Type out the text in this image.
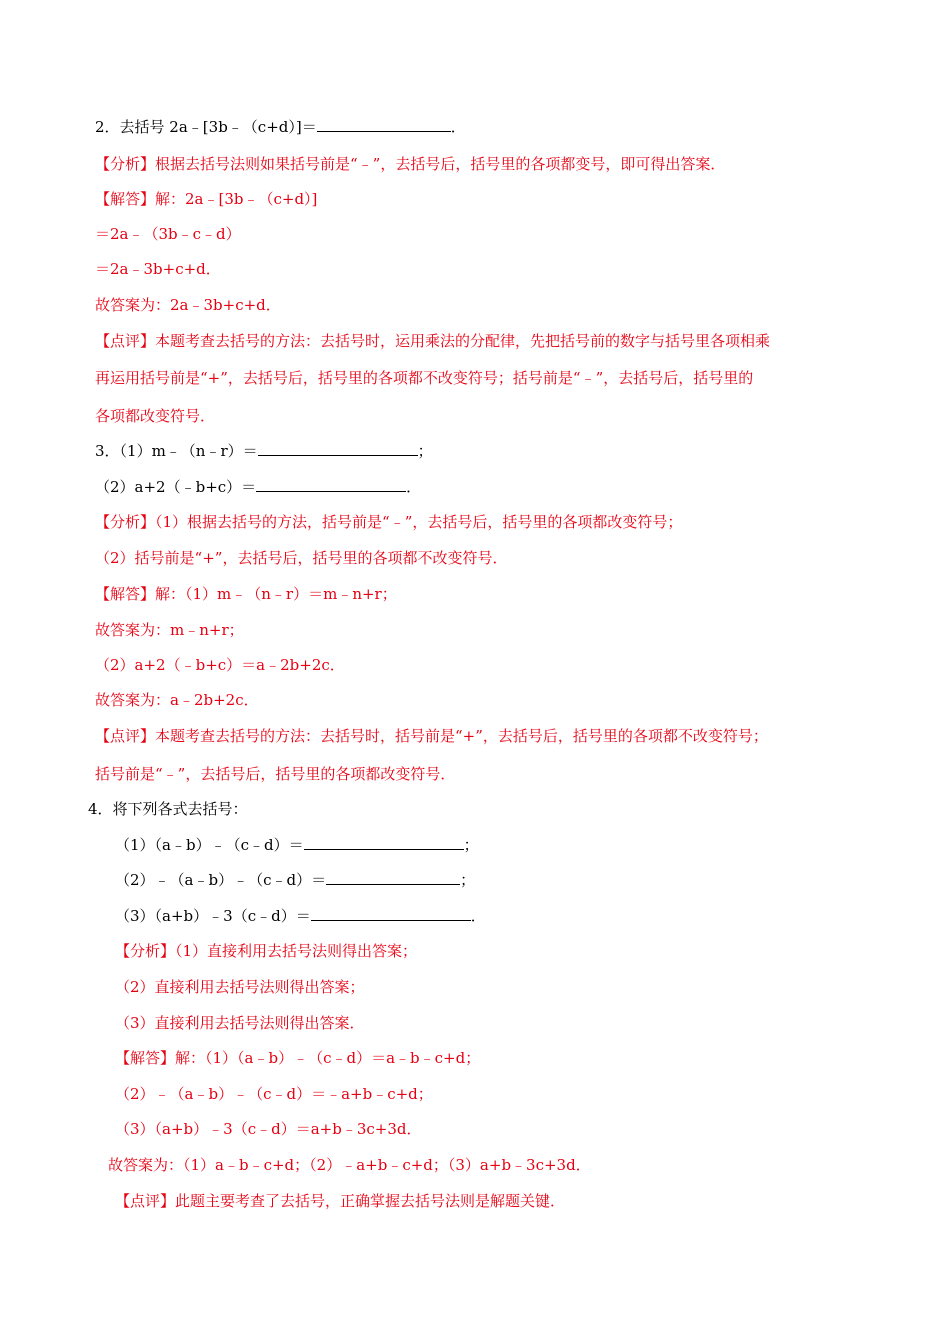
2．去括号 2a﹣[3b﹣（c+d）]＝	．
【分析】根据去括号法则如果括号前是“﹣”，去括号后，括号里的各项都变号，即可得出答案．
【解答】解：2a﹣[3b﹣（c+d）]
＝2a﹣（3b﹣c﹣d）
＝2a﹣3b+c+d．
故答案为：2a﹣3b+c+d．
【点评】本题考查去括号的方法：去括号时，运用乘法的分配律，先把括号前的数字与括号里各项相乘
再运用括号前是“+”，去括号后，括号里的各项都不改变符号；括号前是“﹣”，去括号后，括号里的
各项都改变符号．
3．（1）m﹣（n﹣r）＝	；
（2）a+2（﹣b+c）＝	．
【分析】（1）根据去括号的方法，括号前是“﹣”，去括号后，括号里的各项都改变符号；
（2）括号前是“+”，去括号后，括号里的各项都不改变符号．
【解答】解：（1）m﹣（n﹣r）＝m﹣n+r；
故答案为：m﹣n+r；
（2）a+2（﹣b+c）＝a﹣2b+2c．
故答案为：a﹣2b+2c．
【点评】本题考查去括号的方法：去括号时，括号前是“+”，去括号后，括号里的各项都不改变符号；
括号前是“﹣”，去括号后，括号里的各项都改变符号．
4．将下列各式去括号：
（1）（a﹣b）﹣（c﹣d）＝	；
（2）﹣（a﹣b）﹣（c﹣d）＝	；
（3）（a+b）﹣3（c﹣d）＝	．
【分析】（1）直接利用去括号法则得出答案；
（2）直接利用去括号法则得出答案；
（3）直接利用去括号法则得出答案．
【解答】解：（1）（a﹣b）﹣（c﹣d）＝a﹣b﹣c+d；
（2）﹣（a﹣b）﹣（c﹣d）＝﹣a+b﹣c+d；
（3）（a+b）﹣3（c﹣d）＝a+b﹣3c+3d．
故答案为：（1）a﹣b﹣c+d；（2）﹣a+b﹣c+d；（3）a+b﹣3c+3d．
【点评】此题主要考查了去括号，正确掌握去括号法则是解题关键．
